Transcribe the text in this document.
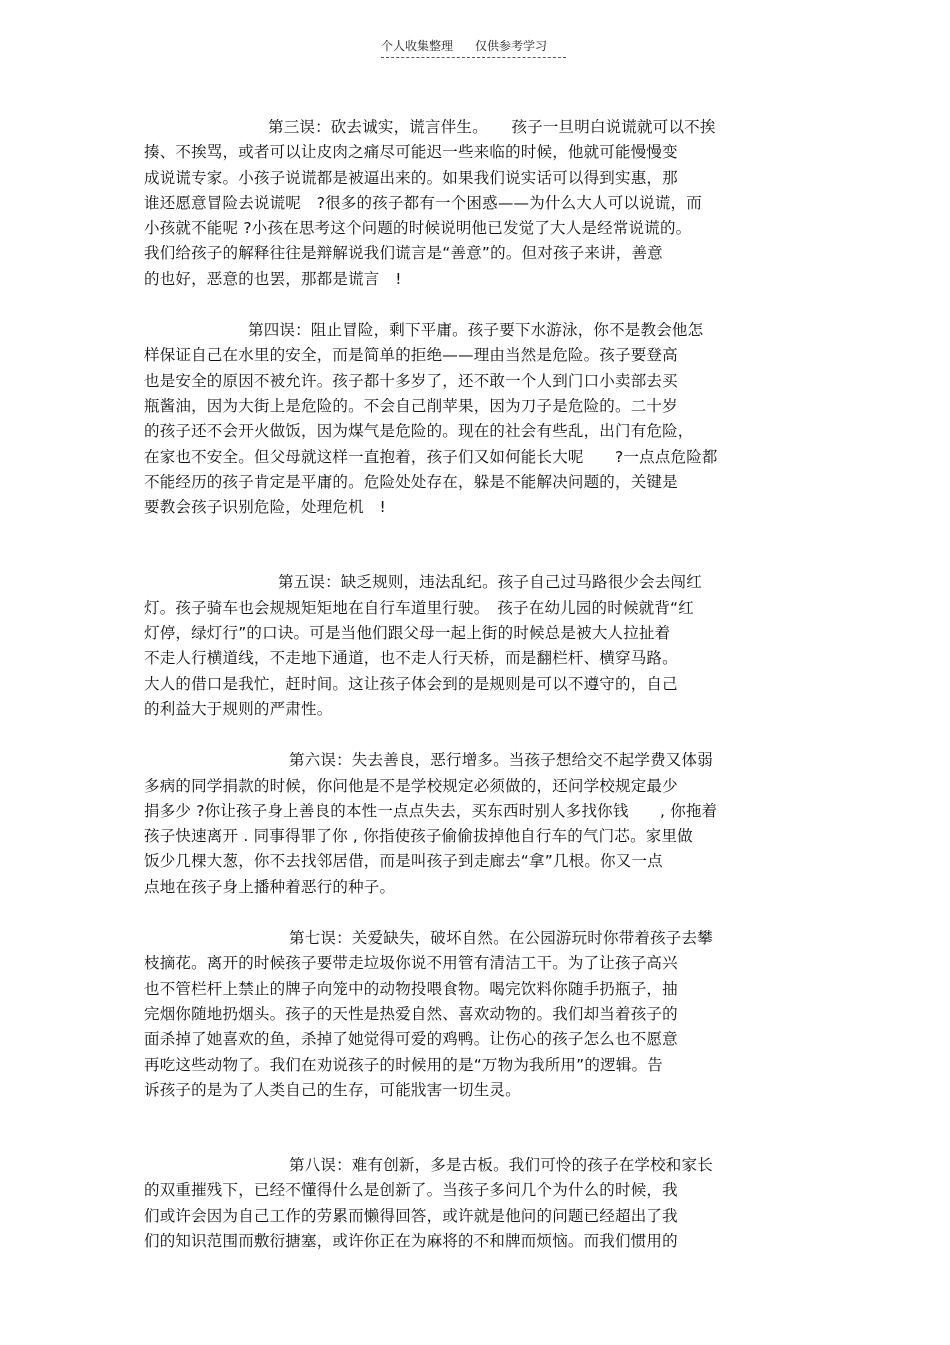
个人收集整理 仅供参考学习
第三误：砍去诚实，谎言伴生。　　孩子一旦明白说谎就可以不挨
揍、不挨骂，或者可以让皮肉之痛尽可能迟一些来临的时候，他就可能慢慢变
成说谎专家。小孩子说谎都是被逼出来的。如果我们说实话可以得到实惠，那
谁还愿意冒险去说谎呢　?很多的孩子都有一个困惑——为什么大人可以说谎，而
小孩就不能呢 ?小孩在思考这个问题的时候说明他已发觉了大人是经常说谎的。
我们给孩子的解释往往是辩解说我们谎言是“善意”的。但对孩子来讲，善意
的也好，恶意的也罢，那都是谎言　!
第四误：阻止冒险，剩下平庸。孩子要下水游泳，你不是教会他怎
样保证自己在水里的安全，而是简单的拒绝——理由当然是危险。孩子要登高
也是安全的原因不被允许。孩子都十多岁了，还不敢一个人到门口小卖部去买
瓶酱油，因为大街上是危险的。不会自己削苹果，因为刀子是危险的。二十岁
的孩子还不会开火做饭，因为煤气是危险的。现在的社会有些乱，出门有危险，
在家也不安全。但父母就这样一直抱着，孩子们又如何能长大呢　　?一点点危险都
不能经历的孩子肯定是平庸的。危险处处存在，躲是不能解决问题的，关键是
要教会孩子识别危险，处理危机　!
第五误：缺乏规则，违法乱纪。孩子自己过马路很少会去闯红
灯。孩子骑车也会规规矩矩地在自行车道里行驶。　孩子在幼儿园的时候就背“红
灯停，绿灯行”的口诀。可是当他们跟父母一起上街的时候总是被大人拉扯着
不走人行横道线，不走地下通道，也不走人行天桥，而是翻栏杆、横穿马路。
大人的借口是我忙，赶时间。这让孩子体会到的是规则是可以不遵守的，自己
的利益大于规则的严肃性。
第六误：失去善良，恶行增多。当孩子想给交不起学费又体弱
多病的同学捐款的时候，你问他是不是学校规定必须做的，还问学校规定最少
捐多少 ?你让孩子身上善良的本性一点点失去，买东西时别人多找你钱　　, 你拖着
孩子快速离开 . 同事得罪了你 , 你指使孩子偷偷拔掉他自行车的气门芯。家里做
饭少几棵大葱，你不去找邻居借，而是叫孩子到走廊去“拿”几根。你又一点
点地在孩子身上播种着恶行的种子。
第七误：关爱缺失，破坏自然。在公园游玩时你带着孩子去攀
枝摘花。离开的时候孩子要带走垃圾你说不用管有清洁工干。为了让孩子高兴
也不管栏杆上禁止的牌子向笼中的动物投喂食物。喝完饮料你随手扔瓶子，抽
完烟你随地扔烟头。孩子的天性是热爱自然、喜欢动物的。我们却当着孩子的
面杀掉了她喜欢的鱼，杀掉了她觉得可爱的鸡鸭。让伤心的孩子怎么也不愿意
再吃这些动物了。我们在劝说孩子的时候用的是“万物为我所用”的逻辑。告
诉孩子的是为了人类自己的生存，可能戕害一切生灵。
第八误：难有创新，多是古板。我们可怜的孩子在学校和家长
的双重摧残下，已经不懂得什么是创新了。当孩子多问几个为什么的时候，我
们或许会因为自己工作的劳累而懒得回答，或许就是他问的问题已经超出了我
们的知识范围而敷衍搪塞，或许你正在为麻将的不和牌而烦恼。而我们惯用的
